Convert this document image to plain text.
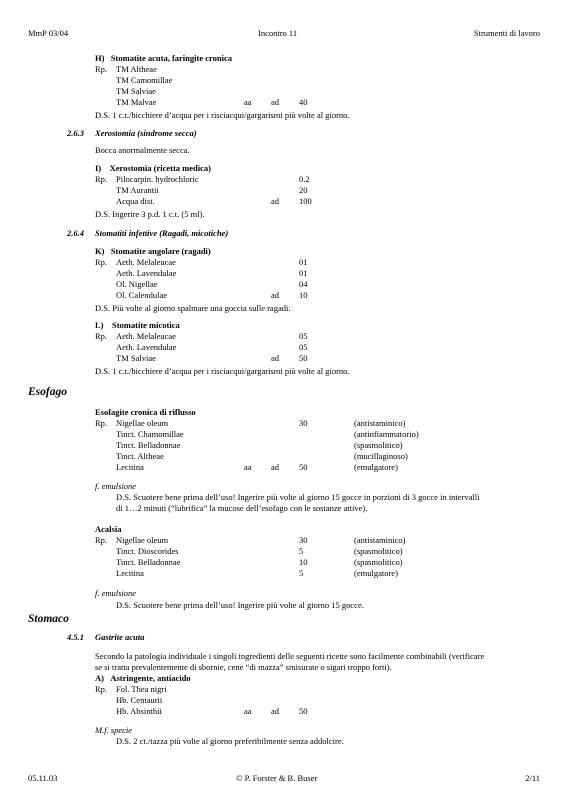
MmP 03/04	Incontro 11	Strumenti di lavoro
H)   Stomatite acuta, faringite cronica
Rp. TM Altheae
TM Camomillae
TM Salviae
TM Malvae	aa ad 40
D.S. 1 c.t./bicchiere d’acqua per i risciacqui/gargarismi più volte al giorno.
2.6.3 Xerostomia (sindrome secca)
Bocca anormalmente secca.
I)    Xerostomia (ricetta medica)
Rp. Pilocarpin. hydrochloric	0.2
TM Aurantii	20
Acqua dist.	ad 100
D.S. Ingerire 3 p.d. 1 c.t. (5 ml).
2.6.4 Stomatiti infettive (Ragadi, micotiche)
K)   Stomatite angolare (ragadi)
Rp. Aeth. Melaleucae	01
Aeth. Lavendulae	01
Ol. Nigellae	04
Ol. Calendulae	ad 10
D.S. Più volte al giorno spalmare una goccia sulle ragadi.
L)    Stomatite micotica
Rp. Aeth. Melaleucae	05
Aeth. Lavendulae	05
TM Salviae	ad 50
D.S. 1 c.t./bicchiere d’acqua per i risciacqui/gargarismi più volte al giorno.
Esofago
Esofagite cronica di riflusso
Rp. Nigellae oleum	30	(antistaminico)
Tinct. Chamomillae	(antinfiammatorio)
Tinct. Belladonnae	(spasmolitico)
Tinct. Altheae	(mucillaginoso)
Lecitina	aa ad 50	(emulgatore)
f. emulsione
D.S. Scuotere bene prima dell’uso! Ingerire più volte al giorno 15 gocce in porzioni di 3 gocce in intervalli
di 1…2 minuti (“lubrifica” la mucose dell’esofago con le sostanze attive).
Acalsia
Rp. Nigellae oleum	30	(antistaminico)
Tinct. Dioscorides	5	(spasmolitico)
Tinct. Belladonnae	10	(spasmolitico)
Lecitina	5	(emulgatore)
f. emulsione
D.S. Scuotere bene prima dell’uso! Ingerire più volte al giorno 15 gocce.
Stomaco
4.5.1 Gastrite acuta
Secondo la patologia individuale i singoli ingredienti delle seguenti ricette sono facilmente combinabili (verificare
se si tratta prevalentemente di sbornie, cene “di mazza” smisurate o sigari troppo forti).
A)   Astringente, antiacido
Rp. Fol. Thea nigri
Hb. Centaurii
Hb. Absinthii	aa ad 50
M.f. specie
D.S. 2 ct./tazza più volte al giorno preferibilmente senza addolcire.
05.11.03	© P. Forster & B. Buser	2/11
